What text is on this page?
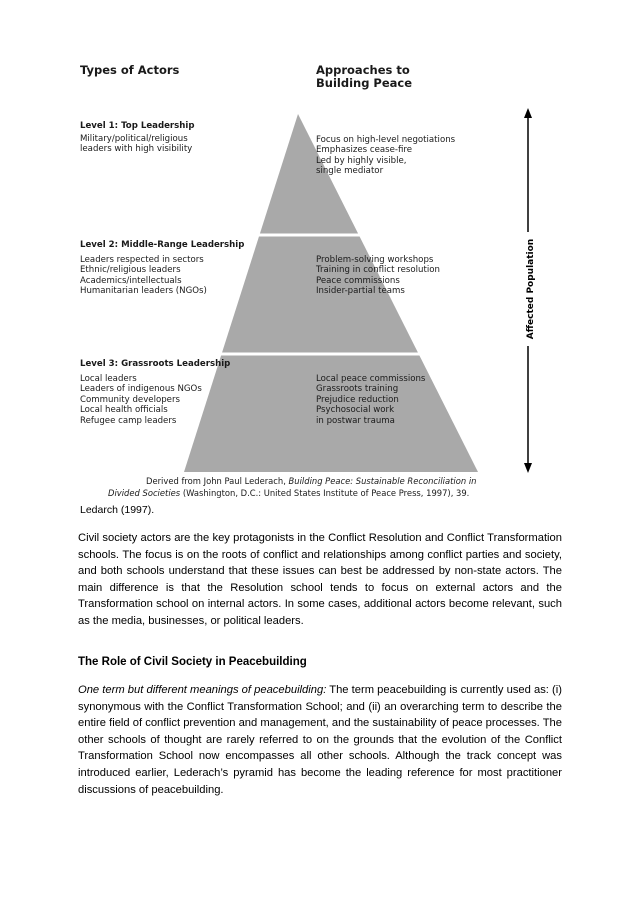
Types of Actors	Approaches to
Building Peace
Level 1: Top Leadership
Military/political/religious
leaders with high visibility
Focus on high-level negotiations
Emphasizes cease-fire
Led by highly visible,
single mediator
Level 2: Middle-Range Leadership
Leaders respected in sectors
Ethnic/religious leaders
Academics/intellectuals
Humanitarian leaders (NGOs)
Problem-solving workshops
Training in conflict resolution
Peace commissions
Insider-partial teams
Level 3: Grassroots Leadership
Local leaders
Leaders of indigenous NGOs
Community developers
Local health officials
Refugee camp leaders
Local peace commissions
Grassroots training
Prejudice reduction
Psychosocial work
in postwar trauma
Affected Population
Derived from John Paul Lederach, Building Peace: Sustainable Reconciliation in
Divided Societies (Washington, D.C.: United States Institute of Peace Press, 1997), 39.
Ledarch (1997).

Civil society actors are the key protagonists in the Conflict Resolution and Conflict Transformation schools. The focus is on the roots of conflict and relationships among conflict parties and society, and both schools understand that these issues can best be addressed by non-state actors. The main difference is that the Resolution school tends to focus on external actors and the Transformation school on internal actors. In some cases, additional actors become relevant, such as the media, businesses, or political leaders.

The Role of Civil Society in Peacebuilding

One term but different meanings of peacebuilding: The term peacebuilding is currently used as: (i) synonymous with the Conflict Transformation School; and (ii) an overarching term to describe the entire field of conflict prevention and management, and the sustainability of peace processes. The other schools of thought are rarely referred to on the grounds that the evolution of the Conflict Transformation School now encompasses all other schools. Although the track concept was introduced earlier, Lederach’s pyramid has become the leading reference for most practitioner discussions of peacebuilding.
